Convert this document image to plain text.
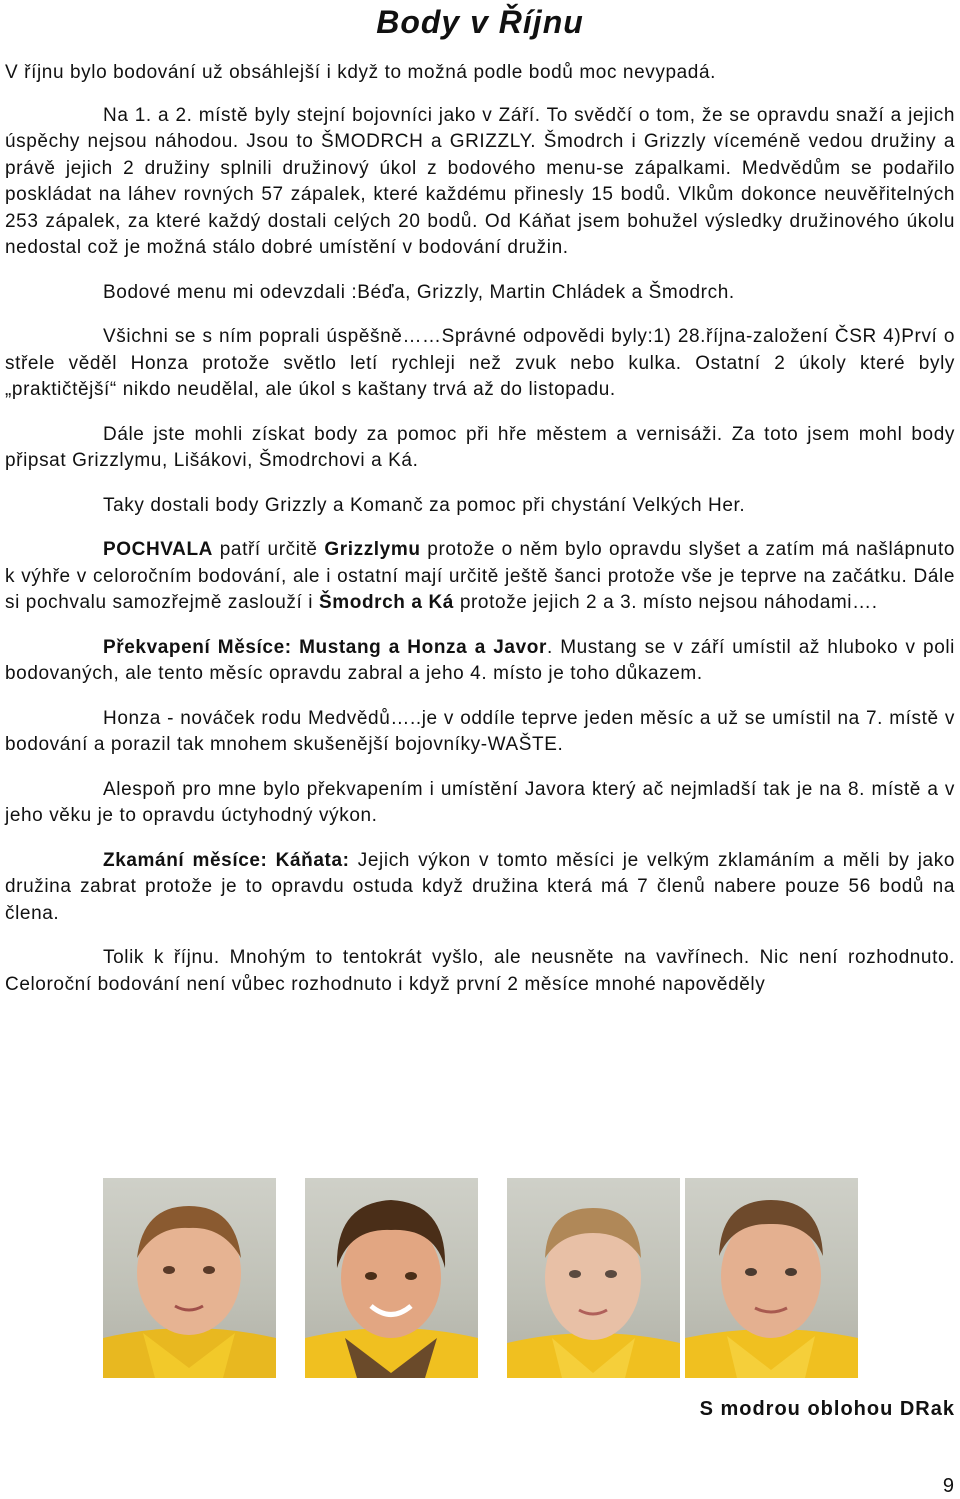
Body v Říjnu

V říjnu bylo bodování už obsáhlejší i když to možná podle bodů moc nevypadá.

Na 1. a 2. místě byly stejní bojovníci jako v Září. To svědčí o tom, že se opravdu snaží a jejich úspěchy nejsou náhodou. Jsou to ŠMODRCH a GRIZZLY. Šmodrch i Grizzly víceméně vedou družiny a právě jejich 2 družiny splnili družinový úkol z bodového menu-se zápalkami. Medvědům se podařilo poskládat na láhev rovných 57 zápalek, které každému přinesly 15 bodů. Vlkům dokonce neuvěřitelných 253 zápalek, za které každý dostali celých 20 bodů. Od Káňat jsem bohužel výsledky družinového úkolu nedostal což je možná stálo dobré umístění v bodování družin.

Bodové menu mi odevzdali :Béďa, Grizzly, Martin Chládek a Šmodrch.

Všichni se s ním poprali úspěšně……Správné odpovědi byly:1) 28.října-založení ČSR 4)Prví o střele věděl Honza protože světlo letí rychleji než zvuk nebo kulka. Ostatní 2 úkoly které byly „praktičtější“ nikdo neudělal, ale úkol s kaštany trvá až do listopadu.

Dále jste mohli získat body za pomoc při hře městem a vernisáži. Za toto jsem mohl body připsat Grizzlymu, Lišákovi, Šmodrchovi a Ká.

Taky dostali body Grizzly a Komanč za pomoc při chystání Velkých Her.

POCHVALA patří určitě Grizzlymu protože o něm bylo opravdu slyšet a zatím má našlápnuto k výhře v celoročním bodování, ale i ostatní mají určitě ještě šanci protože vše je teprve na začátku. Dále si pochvalu samozřejmě zaslouží i Šmodrch a Ká protože jejich 2 a 3. místo nejsou náhodami….

Překvapení Měsíce: Mustang a Honza a Javor. Mustang se v září umístil až hluboko v poli bodovaných, ale tento měsíc opravdu zabral a jeho 4. místo je toho důkazem.

Honza - nováček rodu Medvědů…..je v oddíle teprve jeden měsíc a už se umístil na 7. místě v bodování a porazil tak mnohem skušenější bojovníky-WAŠTE.

Alespoň pro mne bylo překvapením i umístění Javora který ač nejmladší tak je na 8. místě a v jeho věku je to opravdu úctyhodný výkon.

Zkamání měsíce: Káňata: Jejich výkon v tomto měsíci je velkým zklamáním a měli by jako družina zabrat protože je to opravdu ostuda když družina která má 7 členů nabere pouze 56 bodů na člena.

Tolik k říjnu. Mnohým to tentokrát vyšlo, ale neusněte na vavřínech. Nic není rozhodnuto. Celoroční bodování není vůbec rozhodnuto i když první 2 měsíce mnohé napověděly

S modrou oblohou DRak
9
